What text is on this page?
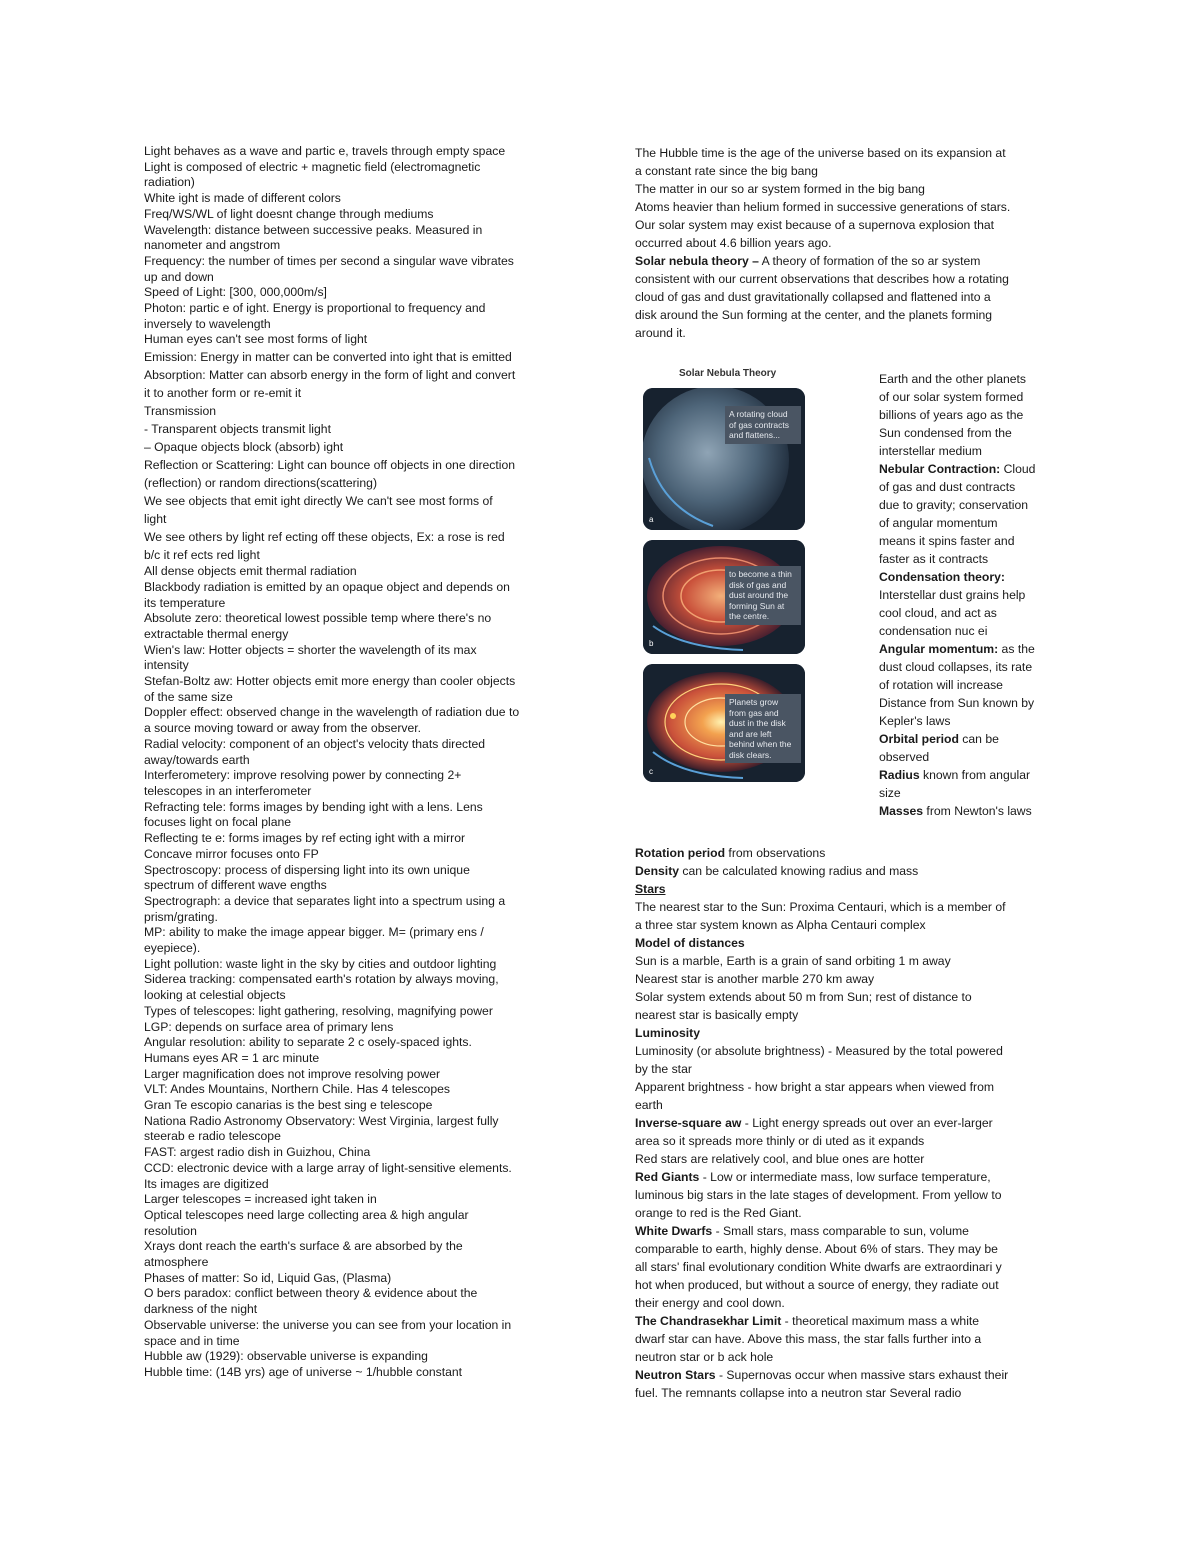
Light behaves as a wave and partic e, travels through empty space

Light is composed of electric + magnetic field (electromagnetic

radiation)

White ight is made of different colors

Freq/WS/WL of light doesnt change through mediums

Wavelength: distance between successive peaks. Measured in

nanometer and angstrom

Frequency: the number of times per second a singular wave vibrates

up and down

Speed of Light: [300, 000,000m/s]

Photon: partic e of ight. Energy is proportional to frequency and

inversely to wavelength

Human eyes can't see most forms of light

Emission: Energy in matter can be converted into ight that is emitted

Absorption: Matter can absorb energy in the form of light and convert

it to another form or re-emit it

Transmission

- Transparent objects transmit light

– Opaque objects block (absorb) ight

Reflection or Scattering: Light can bounce off objects in one direction

(reflection) or random directions(scattering)

We see objects that emit ight directly We can't see most forms of

light

We see others by light ref ecting off these objects, Ex: a rose is red

b/c it ref ects red light

All dense objects emit thermal radiation

Blackbody radiation is emitted by an opaque object and depends on

its temperature

Absolute zero: theoretical lowest possible temp where there's no

extractable thermal energy

Wien's law: Hotter objects = shorter the wavelength of its max

intensity

Stefan-Boltz aw: Hotter objects emit more energy than cooler objects

of the same size

Doppler effect: observed change in the wavelength of radiation due to

a source moving toward or away from the observer.

Radial velocity: component of an object's velocity thats directed

away/towards earth

Interferometery: improve resolving power by connecting 2+

telescopes in an interferometer

Refracting tele: forms images by bending ight with a lens. Lens

focuses light on focal plane

Reflecting te e: forms images by ref ecting ight with a mirror

Concave mirror focuses onto FP

Spectroscopy: process of dispersing light into its own unique

spectrum of different wave engths

Spectrograph: a device that separates light into a spectrum using a

prism/grating.

MP: ability to make the image appear bigger. M= (primary ens /

eyepiece).

Light pollution: waste light in the sky by cities and outdoor lighting

Siderea tracking: compensated earth's rotation by always moving,

looking at celestial objects

Types of telescopes: light gathering, resolving, magnifying power

LGP: depends on surface area of primary lens

Angular resolution: ability to separate 2 c osely-spaced ights.

Humans eyes AR = 1 arc minute

Larger magnification does not improve resolving power

VLT: Andes Mountains, Northern Chile. Has 4 telescopes

Gran Te escopio canarias is the best sing e telescope

Nationa Radio Astronomy Observatory: West Virginia, largest fully

steerab e radio telescope

FAST: argest radio dish in Guizhou, China

CCD: electronic device with a large array of light-sensitive elements.

Its images are digitized

Larger telescopes = increased ight taken in

Optical telescopes need large collecting area & high angular

resolution

Xrays dont reach the earth's surface & are absorbed by the

atmosphere

Phases of matter: So id, Liquid Gas, (Plasma)

O bers paradox: conflict between theory & evidence about the

darkness of the night

Observable universe: the universe you can see from your location in

space and in time

Hubble aw (1929): observable universe is expanding

Hubble time: (14B yrs) age of universe ~ 1/hubble constant

The Hubble time is the age of the universe based on its expansion at

a constant rate since the big bang

The matter in our so ar system formed in the big bang

Atoms heavier than helium formed in successive generations of stars.

Our solar system may exist because of a supernova explosion that

occurred about 4.6 billion years ago.

Solar nebula theory – A theory of formation of the so ar system

consistent with our current observations that describes how a rotating

cloud of gas and dust gravitationally collapsed and flattened into a

disk around the Sun forming at the center, and the planets forming

around it.

Solar Nebula Theory
A rotating cloud of gas contracts and flattens...
a
to become a thin disk of gas and dust around the forming Sun at the centre.
b
Planets grow from gas and dust in the disk and are left behind when the disk clears.
c
Earth and the other planets
of our solar system formed
billions of years ago as the
Sun condensed from the
interstellar medium
Nebular Contraction: Cloud
of gas and dust contracts
due to gravity; conservation
of angular momentum
means it spins faster and
faster as it contracts
Condensation theory:
Interstellar dust grains help
cool cloud, and act as
condensation nuc ei
Angular momentum: as the
dust cloud collapses, its rate
of rotation will increase
Distance from Sun known by
Kepler's laws
Orbital period can be
observed
Radius known from angular
size
Masses from Newton's laws

Rotation period from observations

Density can be calculated knowing radius and mass

Stars

The nearest star to the Sun: Proxima Centauri, which is a member of

a three star system known as Alpha Centauri complex

Model of distances

Sun is a marble, Earth is a grain of sand orbiting 1 m away

Nearest star is another marble 270 km away

Solar system extends about 50 m from Sun; rest of distance to

nearest star is basically empty

Luminosity

Luminosity (or absolute brightness) - Measured by the total powered

by the star

Apparent brightness - how bright a star appears when viewed from

earth

Inverse-square aw - Light energy spreads out over an ever-larger

area so it spreads more thinly or di uted as it expands

Red stars are relatively cool, and blue ones are hotter

Red Giants - Low or intermediate mass, low surface temperature,

luminous big stars in the late stages of development. From yellow to

orange to red is the Red Giant.

White Dwarfs - Small stars, mass comparable to sun, volume

comparable to earth, highly dense. About 6% of stars. They may be

all stars' final evolutionary condition White dwarfs are extraordinari y

hot when produced, but without a source of energy, they radiate out

their energy and cool down.

The Chandrasekhar Limit - theoretical maximum mass a white

dwarf star can have. Above this mass, the star falls further into a

neutron star or b ack hole

Neutron Stars - Supernovas occur when massive stars exhaust their

fuel. The remnants collapse into a neutron star Several radio
